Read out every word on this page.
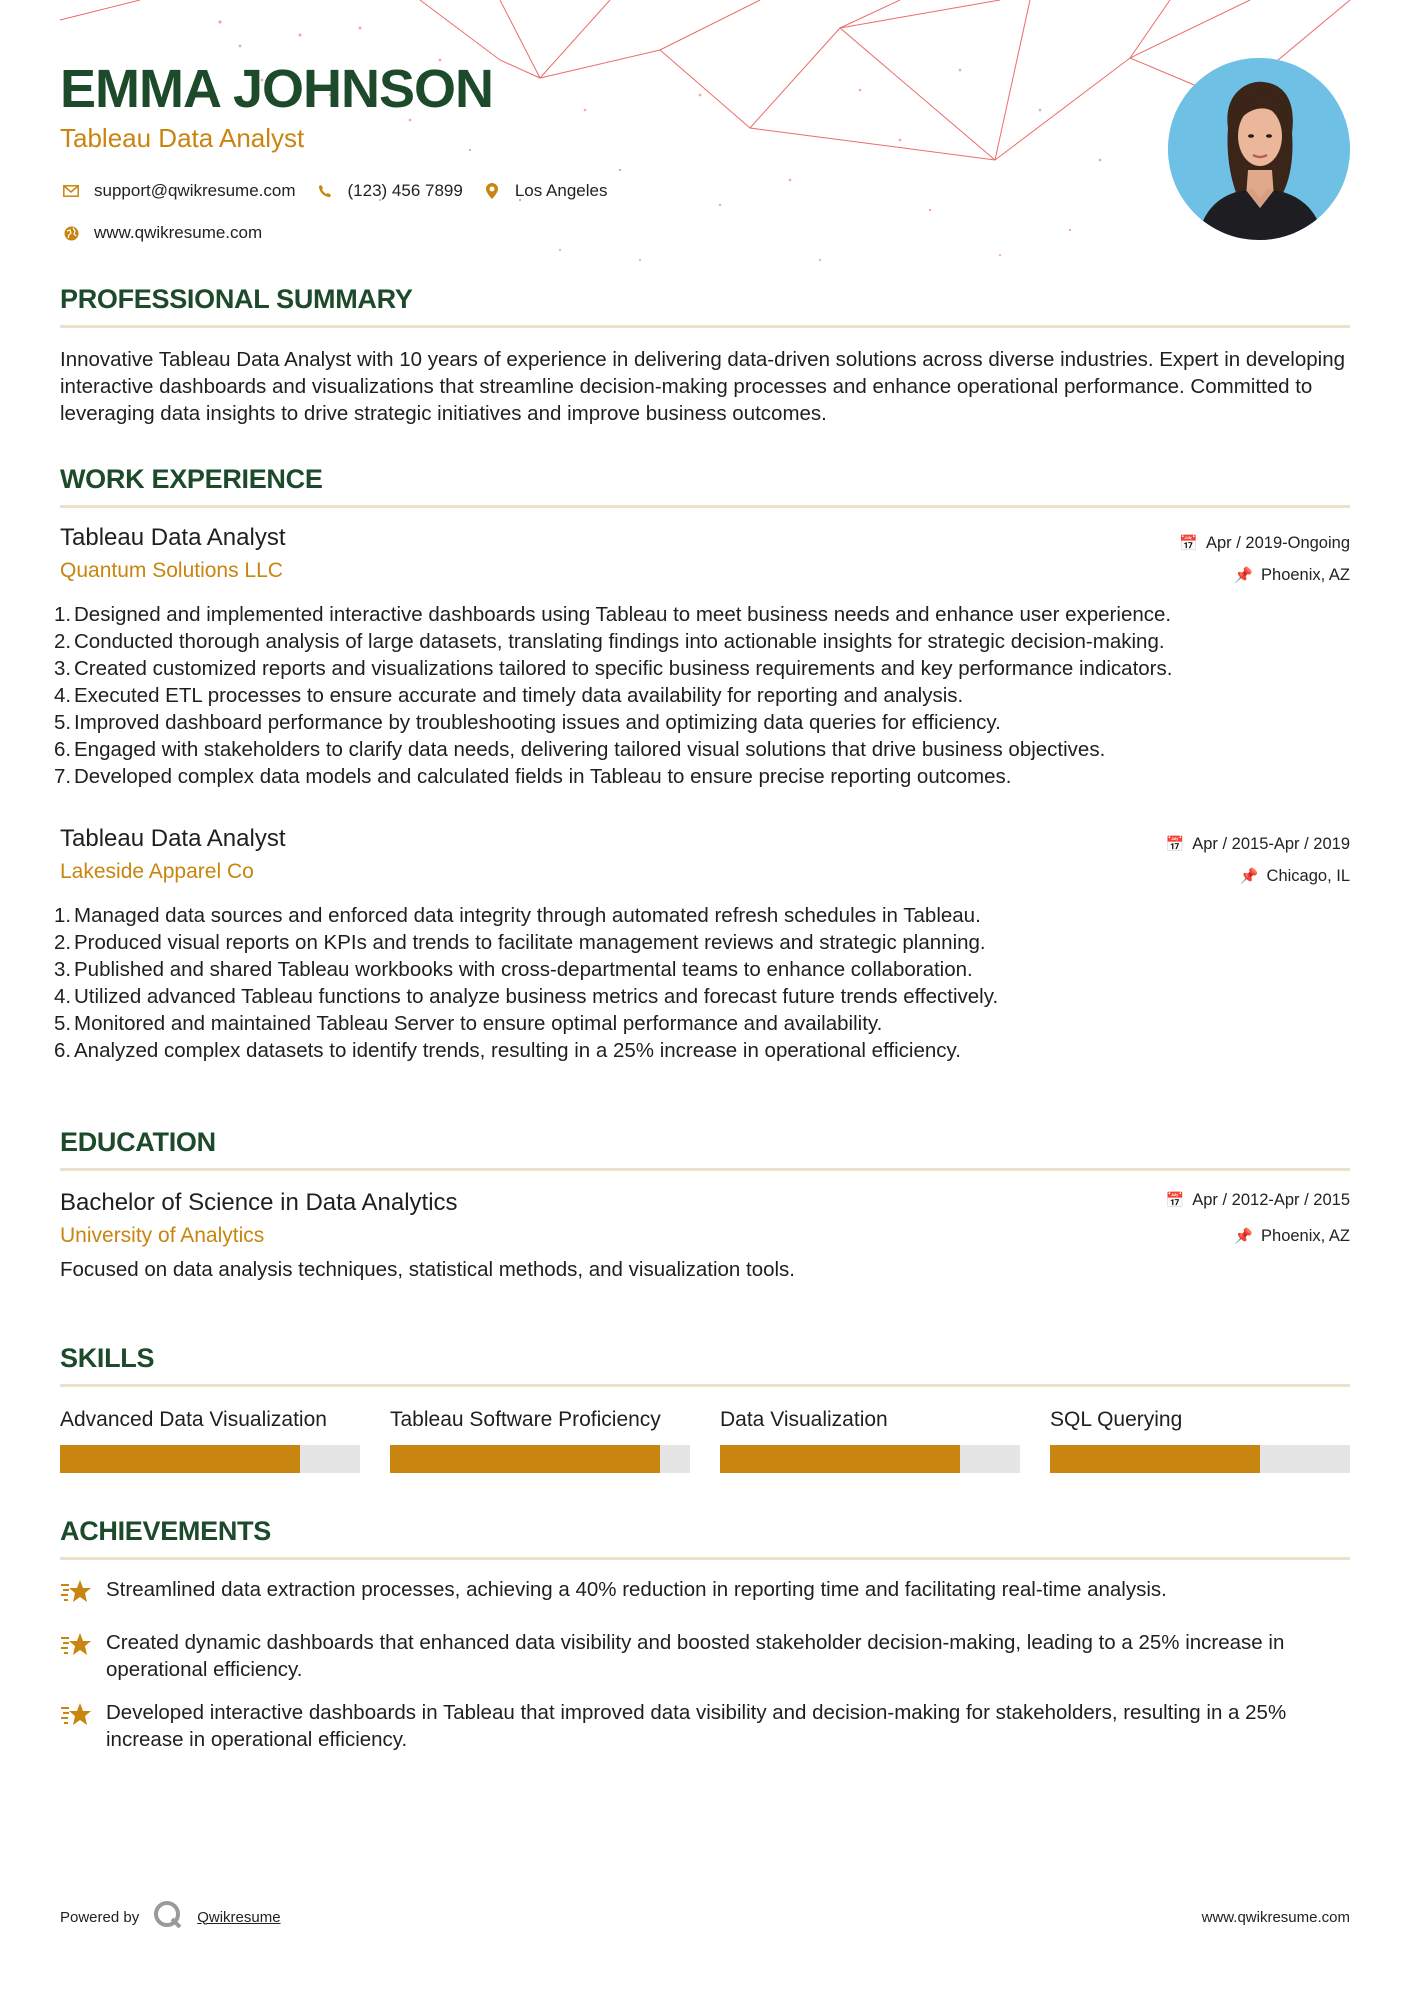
EMMA JOHNSON
Tableau Data Analyst
support@qwikresume.com	(123) 456 7899	Los Angeles
www.qwikresume.com
PROFESSIONAL SUMMARY
Innovative Tableau Data Analyst with 10 years of experience in delivering data-driven solutions across diverse industries. Expert in developing interactive dashboards and visualizations that streamline decision-making processes and enhance operational performance. Committed to leveraging data insights to drive strategic initiatives and improve business outcomes.
WORK EXPERIENCE
Tableau Data Analyst
Quantum Solutions LLC
📅 Apr / 2019-Ongoing
📌 Phoenix, AZ
1. Designed and implemented interactive dashboards using Tableau to meet business needs and enhance user experience.
2. Conducted thorough analysis of large datasets, translating findings into actionable insights for strategic decision-making.
3. Created customized reports and visualizations tailored to specific business requirements and key performance indicators.
4. Executed ETL processes to ensure accurate and timely data availability for reporting and analysis.
5. Improved dashboard performance by troubleshooting issues and optimizing data queries for efficiency.
6. Engaged with stakeholders to clarify data needs, delivering tailored visual solutions that drive business objectives.
7. Developed complex data models and calculated fields in Tableau to ensure precise reporting outcomes.
Tableau Data Analyst
Lakeside Apparel Co
📅 Apr / 2015-Apr / 2019
📌 Chicago, IL
1. Managed data sources and enforced data integrity through automated refresh schedules in Tableau.
2. Produced visual reports on KPIs and trends to facilitate management reviews and strategic planning.
3. Published and shared Tableau workbooks with cross-departmental teams to enhance collaboration.
4. Utilized advanced Tableau functions to analyze business metrics and forecast future trends effectively.
5. Monitored and maintained Tableau Server to ensure optimal performance and availability.
6. Analyzed complex datasets to identify trends, resulting in a 25% increase in operational efficiency.
EDUCATION
Bachelor of Science in Data Analytics
University of Analytics
📅 Apr / 2012-Apr / 2015
📌 Phoenix, AZ
Focused on data analysis techniques, statistical methods, and visualization tools.
SKILLS
Advanced Data Visualization	Tableau Software Proficiency	Data Visualization	SQL Querying
ACHIEVEMENTS
Streamlined data extraction processes, achieving a 40% reduction in reporting time and facilitating real-time analysis.
Created dynamic dashboards that enhanced data visibility and boosted stakeholder decision-making, leading to a 25% increase in operational efficiency.
Developed interactive dashboards in Tableau that improved data visibility and decision-making for stakeholders, resulting in a 25% increase in operational efficiency.
Powered by	Qwikresume	www.qwikresume.com
